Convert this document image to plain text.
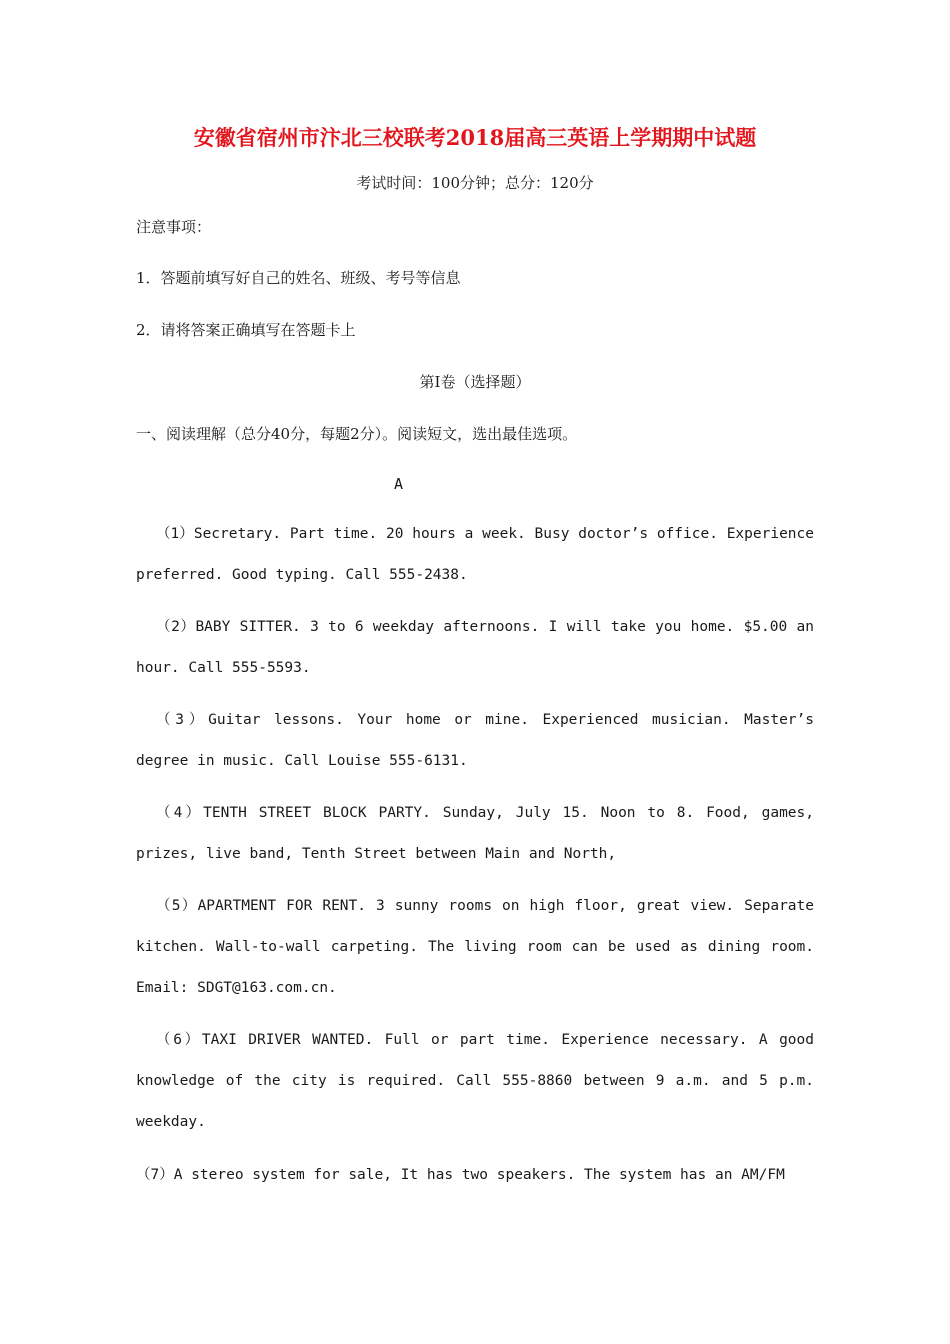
安徽省宿州市汴北三校联考2018届高三英语上学期期中试题
考试时间：100分钟；总分：120分
注意事项：
1．答题前填写好自己的姓名、班级、考号等信息
2．请将答案正确填写在答题卡上
第Ⅰ卷（选择题）
一、阅读理解（总分40分，每题2分）。阅读短文，选出最佳选项。
A
（1）Secretary. Part time. 20 hours a week. Busy doctor’s office. Experience preferred. Good typing. Call 555-2438.
（2）BABY SITTER. 3 to 6 weekday afternoons. I will take you home. $5.00 an hour. Call 555-5593.
（3）Guitar lessons. Your home or mine. Experienced musician. Master’s degree in music. Call Louise 555-6131.
（4）TENTH STREET BLOCK PARTY. Sunday, July 15. Noon to 8. Food, games, prizes, live band, Tenth Street between Main and North,
（5）APARTMENT FOR RENT. 3 sunny rooms on high floor, great view. Separate kitchen. Wall-to-wall carpeting. The living room can be used as dining room. Email: SDGT@163.com.cn.
（6）TAXI DRIVER WANTED. Full or part time. Experience necessary. A good knowledge of the city is required. Call 555-8860 between 9 a.m. and 5 p.m. weekday.
（7）A stereo system for sale, It has two speakers. The system has an AM/FM
